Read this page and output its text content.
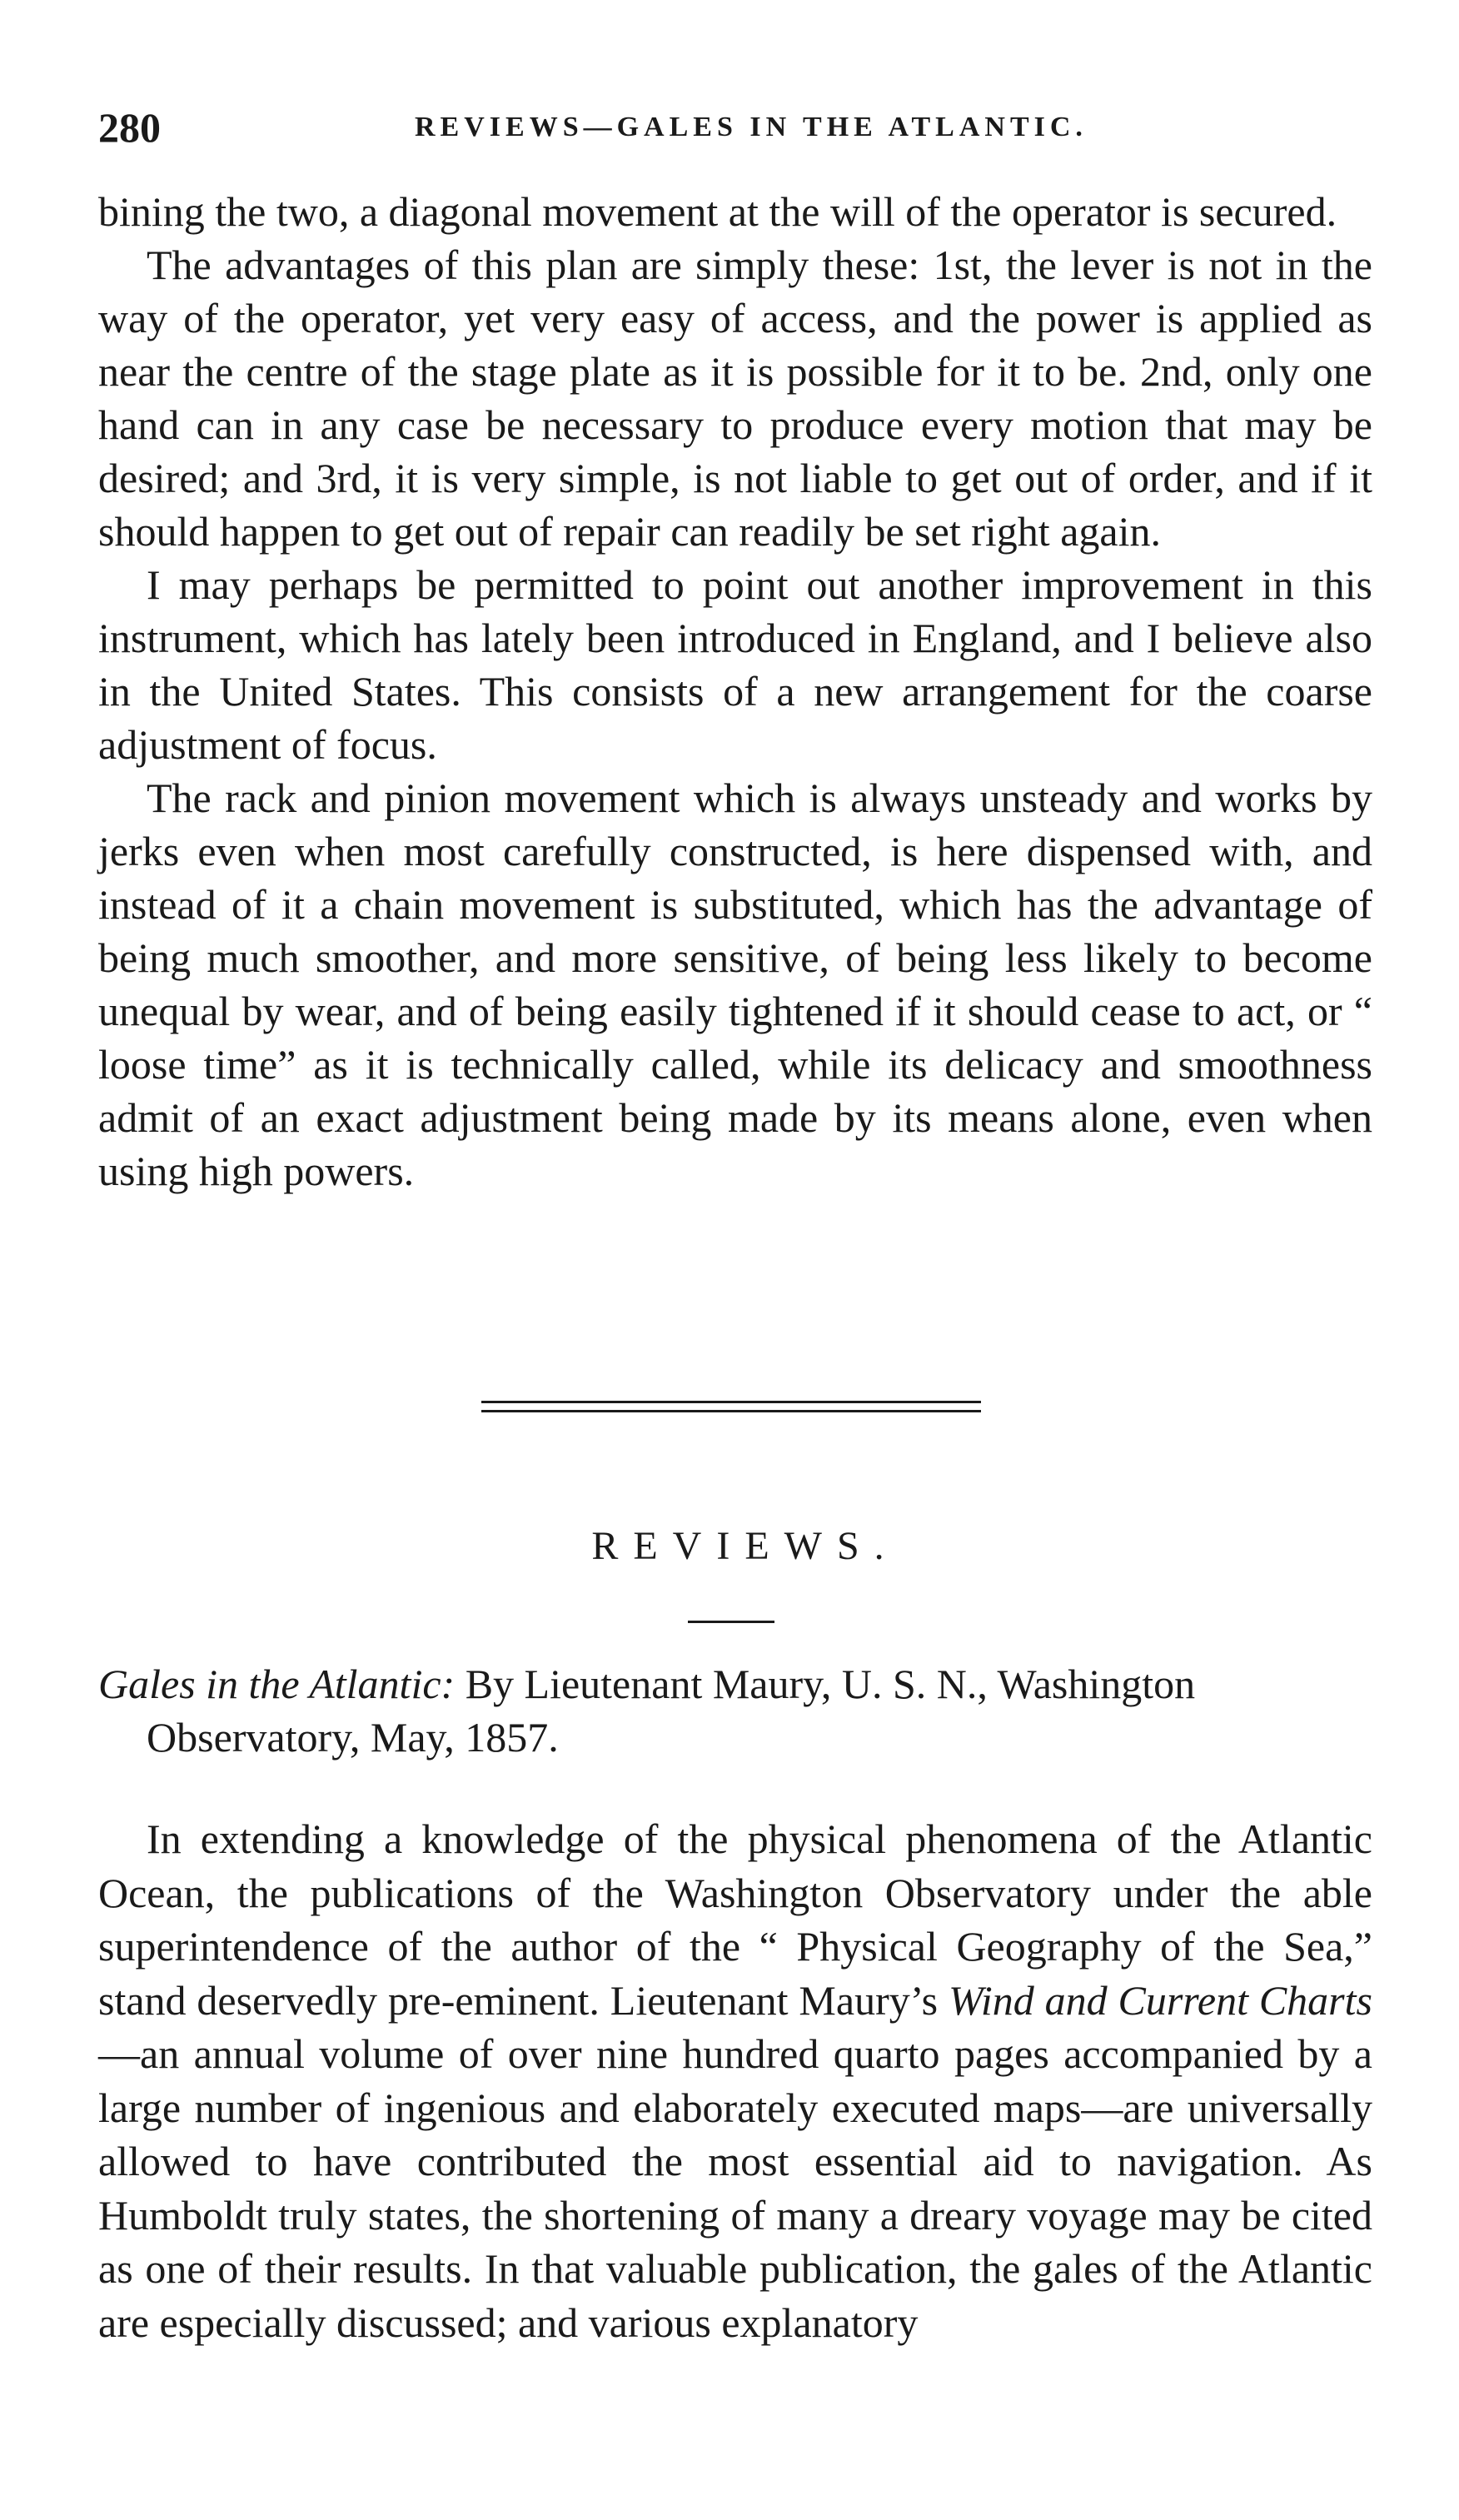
280	REVIEWS—GALES IN THE ATLANTIC.

bining the two, a diagonal movement at the will of the operator is secured.

The advantages of this plan are simply these: 1st, the lever is not in the way of the operator, yet very easy of access, and the power is applied as near the centre of the stage plate as it is possible for it to be. 2nd, only one hand can in any case be necessary to produce every motion that may be desired; and 3rd, it is very simple, is not liable to get out of order, and if it should happen to get out of repair can readily be set right again.

I may perhaps be permitted to point out another improvement in this instrument, which has lately been introduced in England, and I believe also in the United States. This consists of a new arrangement for the coarse adjustment of focus.

The rack and pinion movement which is always unsteady and works by jerks even when most carefully constructed, is here dispensed with, and instead of it a chain movement is substituted, which has the advantage of being much smoother, and more sensitive, of being less likely to become unequal by wear, and of being easily tightened if it should cease to act, or “ loose time” as it is technically called, while its delicacy and smoothness admit of an exact adjustment being made by its means alone, even when using high powers.

REVIEWS.
Gales in the Atlantic: By Lieutenant Maury, U. S. N., Washington Observatory, May, 1857.

In extending a knowledge of the physical phenomena of the Atlantic Ocean, the publications of the Washington Observatory under the able superintendence of the author of the “ Physical Geography of the Sea,” stand deservedly pre-eminent. Lieutenant Maury’s Wind and Current Charts—an annual volume of over nine hundred quarto pages accompanied by a large number of ingenious and elaborately executed maps—are universally allowed to have contributed the most essential aid to navigation. As Humboldt truly states, the shortening of many a dreary voyage may be cited as one of their results. In that valuable publication, the gales of the Atlantic are especially discussed; and various explanatory
